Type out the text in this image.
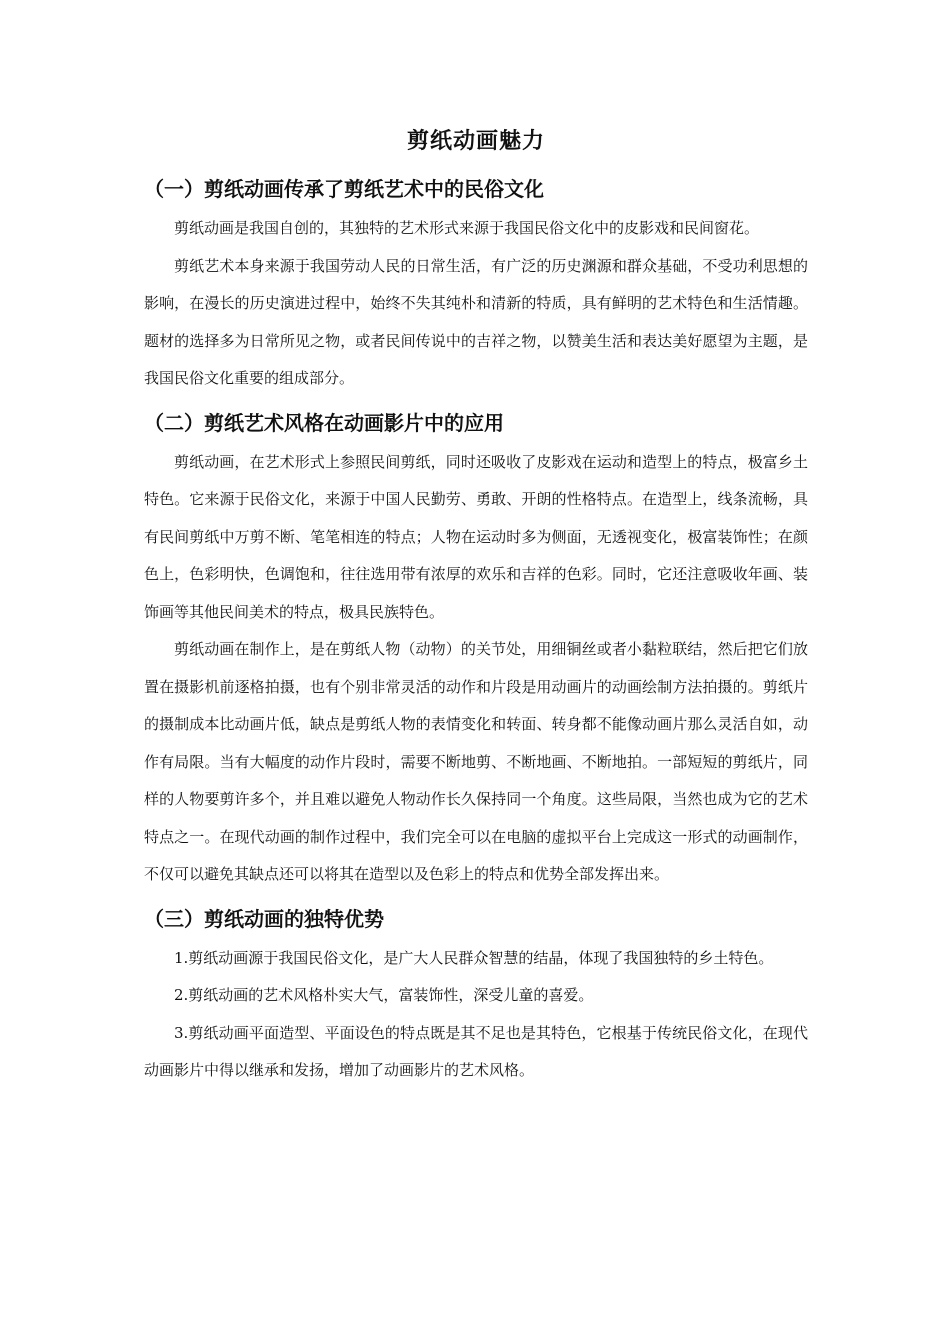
剪纸动画魅力
（一）剪纸动画传承了剪纸艺术中的民俗文化

剪纸动画是我国自创的，其独特的艺术形式来源于我国民俗文化中的皮影戏和民间窗花。

剪纸艺术本身来源于我国劳动人民的日常生活，有广泛的历史渊源和群众基础，不受功利思想的影响，在漫长的历史演进过程中，始终不失其纯朴和清新的特质，具有鲜明的艺术特色和生活情趣。题材的选择多为日常所见之物，或者民间传说中的吉祥之物，以赞美生活和表达美好愿望为主题，是我国民俗文化重要的组成部分。

（二）剪纸艺术风格在动画影片中的应用

剪纸动画，在艺术形式上参照民间剪纸，同时还吸收了皮影戏在运动和造型上的特点，极富乡土特色。它来源于民俗文化，来源于中国人民勤劳、勇敢、开朗的性格特点。在造型上，线条流畅，具有民间剪纸中万剪不断、笔笔相连的特点；人物在运动时多为侧面，无透视变化，极富装饰性；在颜色上，色彩明快，色调饱和，往往选用带有浓厚的欢乐和吉祥的色彩。同时，它还注意吸收年画、装饰画等其他民间美术的特点，极具民族特色。

剪纸动画在制作上，是在剪纸人物（动物）的关节处，用细铜丝或者小黏粒联结，然后把它们放置在摄影机前逐格拍摄，也有个别非常灵活的动作和片段是用动画片的动画绘制方法拍摄的。剪纸片的摄制成本比动画片低，缺点是剪纸人物的表情变化和转面、转身都不能像动画片那么灵活自如，动作有局限。当有大幅度的动作片段时，需要不断地剪、不断地画、不断地拍。一部短短的剪纸片，同样的人物要剪许多个，并且难以避免人物动作长久保持同一个角度。这些局限，当然也成为它的艺术特点之一。在现代动画的制作过程中，我们完全可以在电脑的虚拟平台上完成这一形式的动画制作，不仅可以避免其缺点还可以将其在造型以及色彩上的特点和优势全部发挥出来。

（三）剪纸动画的独特优势

1.剪纸动画源于我国民俗文化，是广大人民群众智慧的结晶，体现了我国独特的乡土特色。

2.剪纸动画的艺术风格朴实大气，富装饰性，深受儿童的喜爱。

3.剪纸动画平面造型、平面设色的特点既是其不足也是其特色，它根基于传统民俗文化，在现代动画影片中得以继承和发扬，增加了动画影片的艺术风格。
